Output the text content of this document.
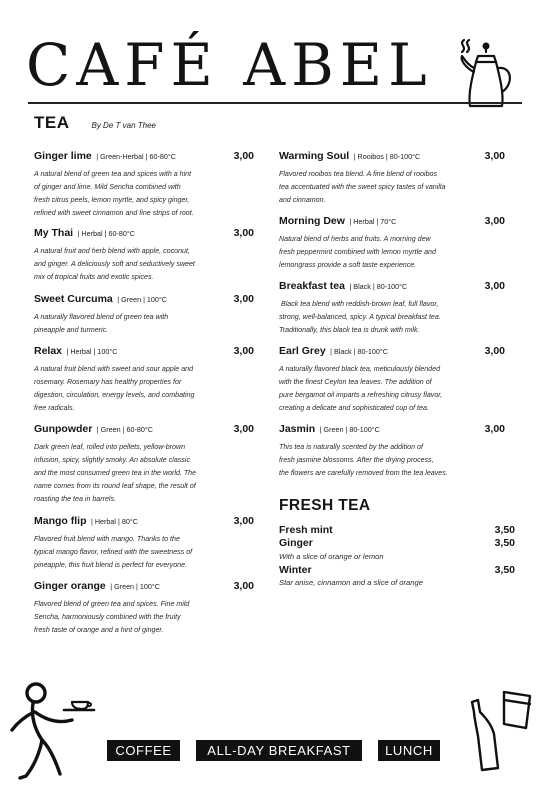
CAFÉ ABEL
TEA	By De T van Thee
Ginger lime | Green-Herbal | 60-80°C	3,00
A natural blend of green tea and spices with a hint
of ginger and lime. Mild Sencha combined with
fresh citrus peels, lemon myrtle, and spicy ginger,
refined with sweet cinnamon and fine strips of root.
My Thai | Herbal | 60-80°C	3,00
A natural fruit and herb blend with apple, coconut,
and ginger. A deliciously soft and seductively sweet
mix of tropical fruits and exotic spices.
Sweet Curcuma | Green | 100°C	3,00
A naturally flavored blend of green tea with
pineapple and turmeric.
Relax | Herbal | 100°C	3,00
A natural fruit blend with sweet and sour apple and
rosemary. Rosemary has healthy properties for
digestion, circulation, energy levels, and combating
free radicals.
Gunpowder | Green | 60-80°C	3,00
Dark green leaf, rolled into pellets, yellow-brown
infusion, spicy, slightly smoky. An absolute classic
and the most consumed green tea in the world. The
name comes from its round leaf shape, the result of
roasting the tea in barrels.
Mango flip | Herbal | 80°C	3,00
Flavored fruit blend with mango. Thanks to the
typical mango flavor, refined with the sweetness of
pineapple, this fruit blend is perfect for everyone.
Ginger orange | Green | 100°C	3,00
Flavored blend of green tea and spices. Fine mild
Sencha, harmoniously combined with the fruity
fresh taste of orange and a hint of ginger.
Warming Soul | Rooibos | 80-100°C	3,00
Flavored rooibos tea blend. A fine blend of rooibos
tea accentuated with the sweet spicy tastes of vanilla
and cinnamon.
Morning Dew | Herbal | 70°C	3,00
Natural blend of herbs and fruits. A morning dew
fresh peppermint combined with lemon myrtle and
lemongrass provide a soft taste experience.
Breakfast tea | Black | 80-100°C	3,00
Black tea blend with reddish-brown leaf, full flavor,
strong, well-balanced, spicy. A typical breakfast tea.
Traditionally, this black tea is drunk with milk.
Earl Grey | Black | 80-100°C	3,00
A naturally flavored black tea, meticulously blended
with the finest Ceylon tea leaves. The addition of
pure bergamot oil imparts a refreshing citrusy flavor,
creating a delicate and sophisticated cup of tea.
Jasmin | Green | 80-100°C	3,00
This tea is naturally scented by the addition of
fresh jasmine blossoms. After the drying process,
the flowers are carefully removed from the tea leaves.
FRESH TEA
Fresh mint	3,50
Ginger	3,50
With a slice of orange or lemon
Winter	3,50
Star anise, cinnamon and a slice of orange
COFFEE	ALL-DAY BREAKFAST	LUNCH
